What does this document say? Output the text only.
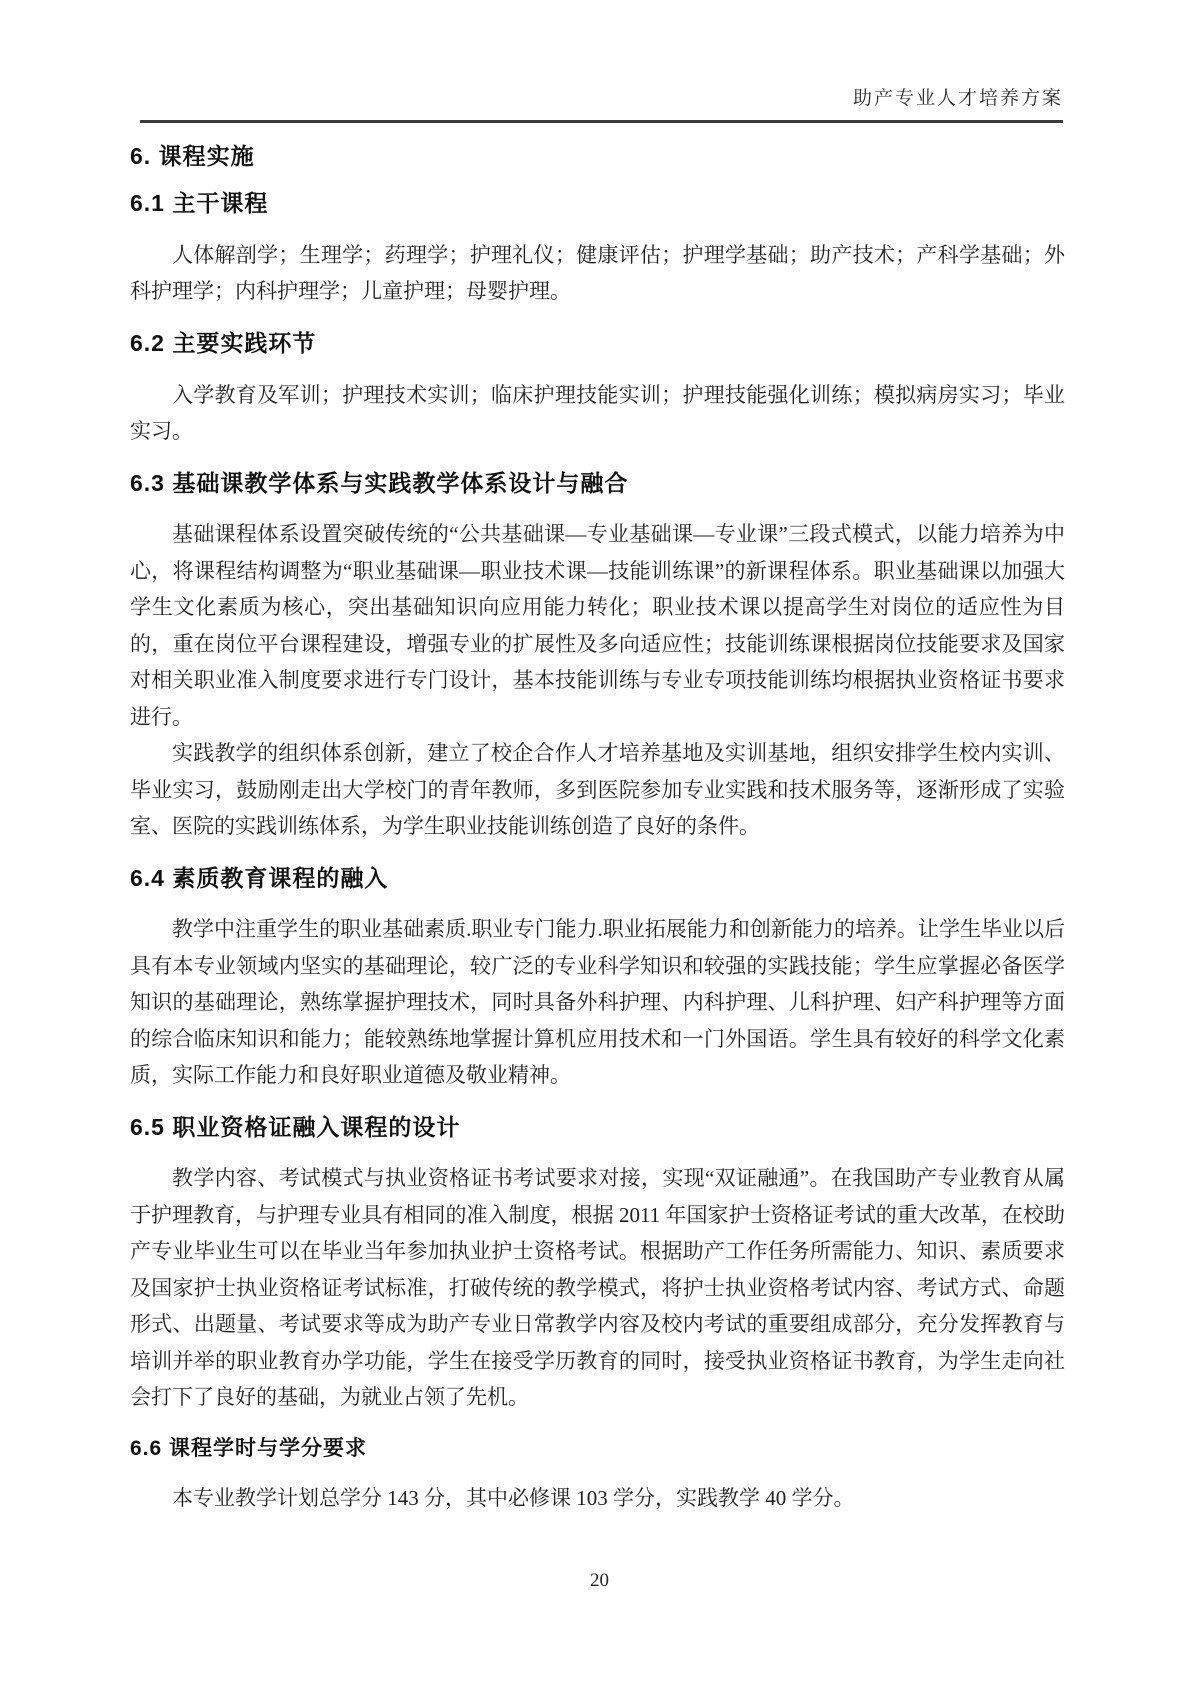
助产专业人才培养方案
6. 课程实施
6.1 主干课程

人体解剖学；生理学；药理学；护理礼仪；健康评估；护理学基础；助产技术；产科学基础；外科护理学；内科护理学；儿童护理；母婴护理。

6.2 主要实践环节

入学教育及军训；护理技术实训；临床护理技能实训；护理技能强化训练；模拟病房实习；毕业实习。

6.3 基础课教学体系与实践教学体系设计与融合

基础课程体系设置突破传统的“公共基础课—专业基础课—专业课”三段式模式，以能力培养为中心，将课程结构调整为“职业基础课—职业技术课—技能训练课”的新课程体系。职业基础课以加强大学生文化素质为核心，突出基础知识向应用能力转化；职业技术课以提高学生对岗位的适应性为目的，重在岗位平台课程建设，增强专业的扩展性及多向适应性；技能训练课根据岗位技能要求及国家对相关职业准入制度要求进行专门设计，基本技能训练与专业专项技能训练均根据执业资格证书要求进行。

实践教学的组织体系创新，建立了校企合作人才培养基地及实训基地，组织安排学生校内实训、毕业实习，鼓励刚走出大学校门的青年教师，多到医院参加专业实践和技术服务等，逐渐形成了实验室、医院的实践训练体系，为学生职业技能训练创造了良好的条件。

6.4 素质教育课程的融入

教学中注重学生的职业基础素质.职业专门能力.职业拓展能力和创新能力的培养。让学生毕业以后具有本专业领域内坚实的基础理论，较广泛的专业科学知识和较强的实践技能；学生应掌握必备医学知识的基础理论，熟练掌握护理技术，同时具备外科护理、内科护理、儿科护理、妇产科护理等方面的综合临床知识和能力；能较熟练地掌握计算机应用技术和一门外国语。学生具有较好的科学文化素质，实际工作能力和良好职业道德及敬业精神。

6.5 职业资格证融入课程的设计

教学内容、考试模式与执业资格证书考试要求对接，实现“双证融通”。在我国助产专业教育从属于护理教育，与护理专业具有相同的准入制度，根据 2011 年国家护士资格证考试的重大改革，在校助产专业毕业生可以在毕业当年参加执业护士资格考试。根据助产工作任务所需能力、知识、素质要求及国家护士执业资格证考试标准，打破传统的教学模式，将护士执业资格考试内容、考试方式、命题形式、出题量、考试要求等成为助产专业日常教学内容及校内考试的重要组成部分，充分发挥教育与培训并举的职业教育办学功能，学生在接受学历教育的同时，接受执业资格证书教育，为学生走向社会打下了良好的基础，为就业占领了先机。

6.6 课程学时与学分要求

本专业教学计划总学分 143 分，其中必修课 103 学分，实践教学 40 学分。

20
